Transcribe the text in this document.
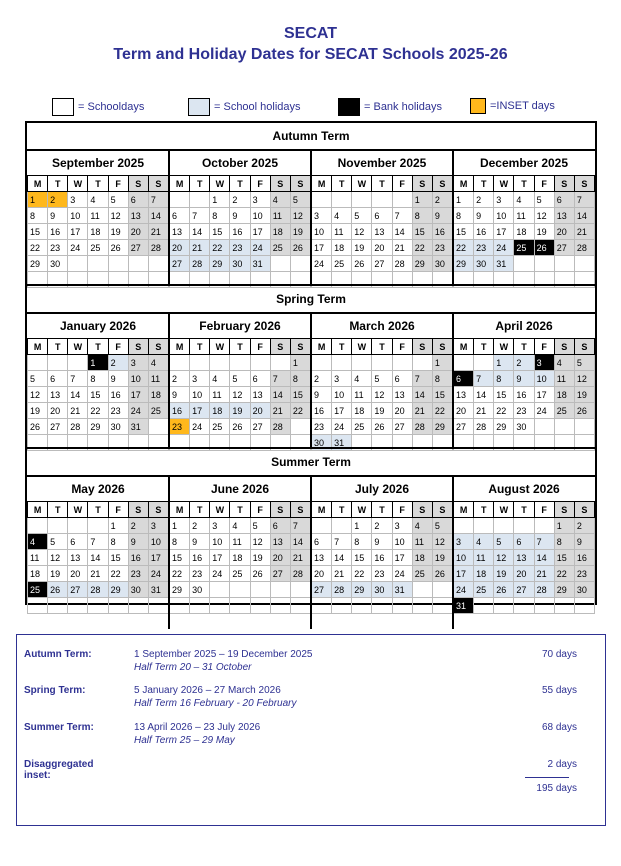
SECAT
Term and Holiday Dates for SECAT Schools 2025-26
= Schooldays	= School holidays	= Bank holidays	=INSET days
Autumn Term
September 2025
M	T	W	T	F	S	S
1	2	3	4	5	6	7
8	9	10	11	12	13	14
15	16	17	18	19	20	21
22	23	24	25	26	27	28
29	30					

October 2025
M	T	W	T	F	S	S
		1	2	3	4	5
6	7	8	9	10	11	12
13	14	15	16	17	18	19
20	21	22	23	24	25	26
27	28	29	30	31		

November 2025
M	T	W	T	F	S	S
					1	2
3	4	5	6	7	8	9
10	11	12	13	14	15	16
17	18	19	20	21	22	23
24	25	26	27	28	29	30

December 2025
M	T	W	T	F	S	S
1	2	3	4	5	6	7
8	9	10	11	12	13	14
15	16	17	18	19	20	21
22	23	24	25	26	27	28
29	30	31				

Spring Term
January 2026
M	T	W	T	F	S	S
			1	2	3	4
5	6	7	8	9	10	11
12	13	14	15	16	17	18
19	20	21	22	23	24	25
26	27	28	29	30	31	

February 2026
M	T	W	T	F	S	S
						1
2	3	4	5	6	7	8
9	10	11	12	13	14	15
16	17	18	19	20	21	22
23	24	25	26	27	28	

March 2026
M	T	W	T	F	S	S
						1
2	3	4	5	6	7	8
9	10	11	12	13	14	15
16	17	18	19	20	21	22
23	24	25	26	27	28	29
30	31					
April 2026
M	T	W	T	F	S	S
		1	2	3	4	5
6	7	8	9	10	11	12
13	14	15	16	17	18	19
20	21	22	23	24	25	26
27	28	29	30			

Summer Term
May 2026
M	T	W	T	F	S	S
				1	2	3
4	5	6	7	8	9	10
11	12	13	14	15	16	17
18	19	20	21	22	23	24
25	26	27	28	29	30	31

June 2026
M	T	W	T	F	S	S
1	2	3	4	5	6	7
8	9	10	11	12	13	14
15	16	17	18	19	20	21
22	23	24	25	26	27	28
29	30					

July 2026
M	T	W	T	F	S	S
		1	2	3	4	5
6	7	8	9	10	11	12
13	14	15	16	17	18	19
20	21	22	23	24	25	26
27	28	29	30	31		

August 2026
M	T	W	T	F	S	S
					1	2
3	4	5	6	7	8	9
10	11	12	13	14	15	16
17	18	19	20	21	22	23
24	25	26	27	28	29	30
31						
Autumn Term:	1 September 2025 – 19 December 2025
Half Term 20 – 31 October
70 days
Spring Term:	5 January 2026 – 27 March 2026
Half Term 16 February - 20 February
55 days
Summer Term:	13 April 2026 – 23 July 2026
Half Term 25 – 29 May
68 days
Disaggregated
inset:
2 days
195 days
